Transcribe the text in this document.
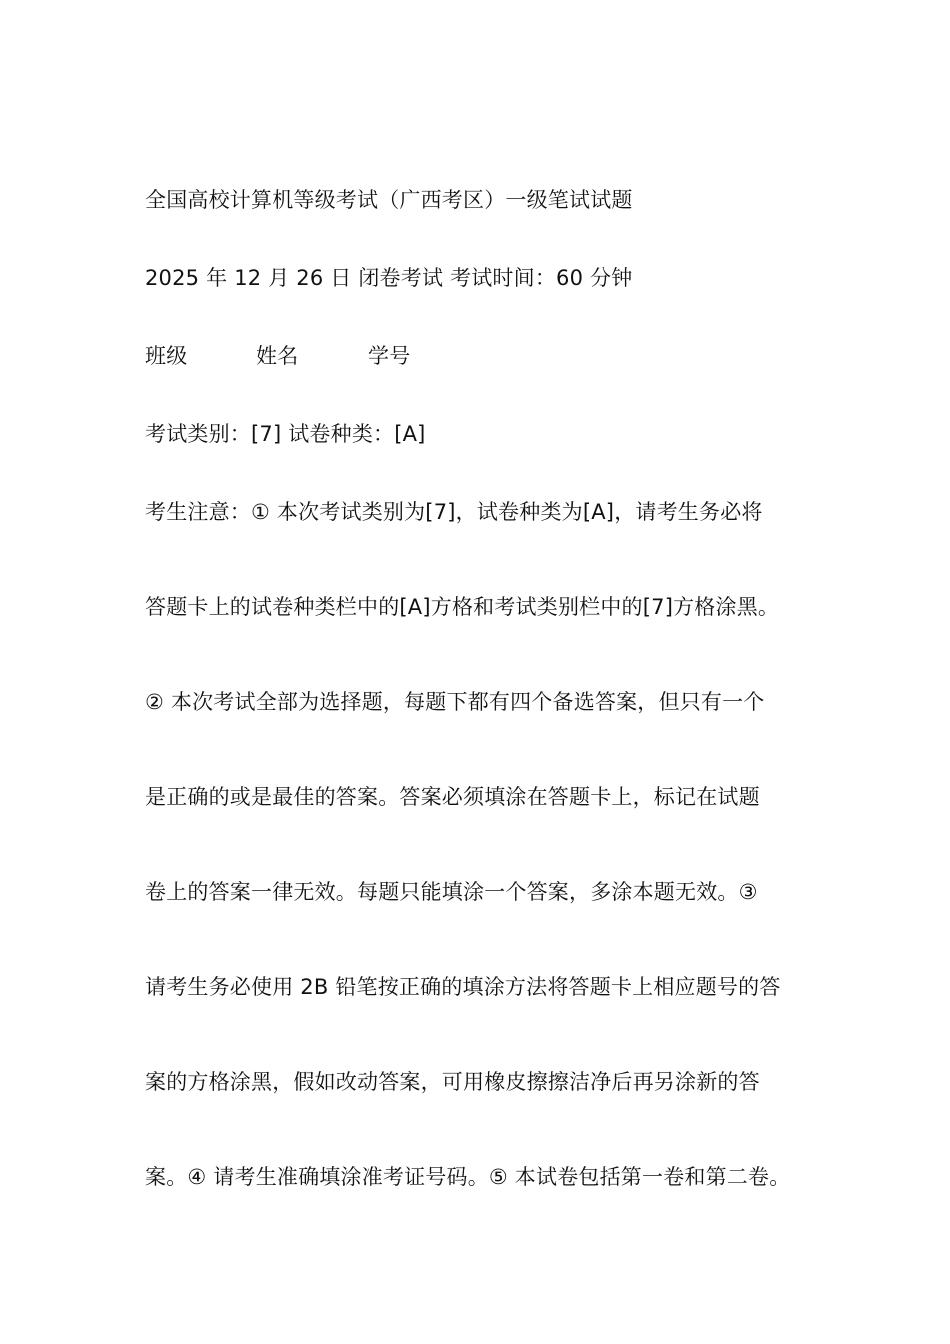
全国高校计算机等级考试（广西考区）一级笔试试题
2025 年 12 月 26 日 闭卷考试 考试时间：60 分钟
班级	姓名	学号
考试类别：[7] 试卷种类：[A]
考生注意：① 本次考试类别为[7]，试卷种类为[A]，请考生务必将
答题卡上的试卷种类栏中的[A]方格和考试类别栏中的[7]方格涂黑。
② 本次考试全部为选择题，每题下都有四个备选答案，但只有一个
是正确的或是最佳的答案。答案必须填涂在答题卡上，标记在试题
卷上的答案一律无效。每题只能填涂一个答案，多涂本题无效。③
请考生务必使用 2B 铅笔按正确的填涂方法将答题卡上相应题号的答
案的方格涂黑，假如改动答案，可用橡皮擦擦洁净后再另涂新的答
案。④ 请考生准确填涂准考证号码。⑤ 本试卷包括第一卷和第二卷。
